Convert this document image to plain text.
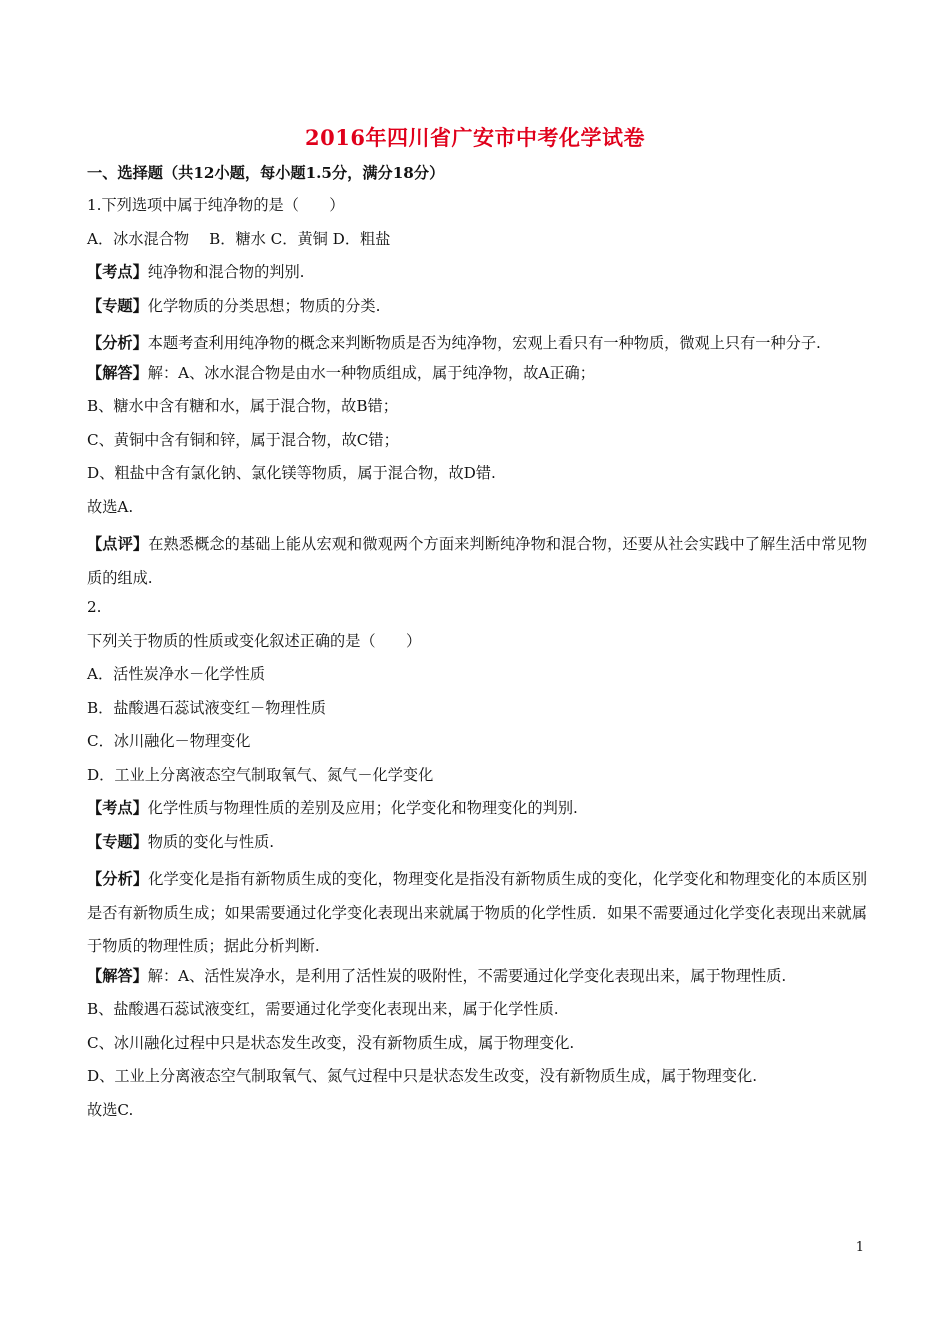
2016年四川省广安市中考化学试卷
一、选择题（共12小题，每小题1.5分，满分18分）
1.下列选项中属于纯净物的是（　　）
A．冰水混合物　 B．糖水 C．黄铜 D．粗盐
【考点】纯净物和混合物的判别.
【专题】化学物质的分类思想；物质的分类.
【分析】本题考查利用纯净物的概念来判断物质是否为纯净物，宏观上看只有一种物质，微观上只有一种分子.
【解答】解：A、冰水混合物是由水一种物质组成，属于纯净物，故A正确；
B、糖水中含有糖和水，属于混合物，故B错；
C、黄铜中含有铜和锌，属于混合物，故C错；
D、粗盐中含有氯化钠、氯化镁等物质，属于混合物，故D错.
故选A.
【点评】在熟悉概念的基础上能从宏观和微观两个方面来判断纯净物和混合物，还要从社会实践中了解生活中常见物质的组成.
2.
下列关于物质的性质或变化叙述正确的是（　　）
A．活性炭净水－化学性质
B．盐酸遇石蕊试液变红－物理性质
C．冰川融化－物理变化
D．工业上分离液态空气制取氧气、氮气－化学变化
【考点】化学性质与物理性质的差别及应用；化学变化和物理变化的判别.
【专题】物质的变化与性质.
【分析】化学变化是指有新物质生成的变化，物理变化是指没有新物质生成的变化，化学变化和物理变化的本质区别是否有新物质生成；如果需要通过化学变化表现出来就属于物质的化学性质．如果不需要通过化学变化表现出来就属于物质的物理性质；据此分析判断.
【解答】解：A、活性炭净水，是利用了活性炭的吸附性，不需要通过化学变化表现出来，属于物理性质.
B、盐酸遇石蕊试液变红，需要通过化学变化表现出来，属于化学性质.
C、冰川融化过程中只是状态发生改变，没有新物质生成，属于物理变化.
D、工业上分离液态空气制取氧气、氮气过程中只是状态发生改变，没有新物质生成，属于物理变化.
故选C.
1
